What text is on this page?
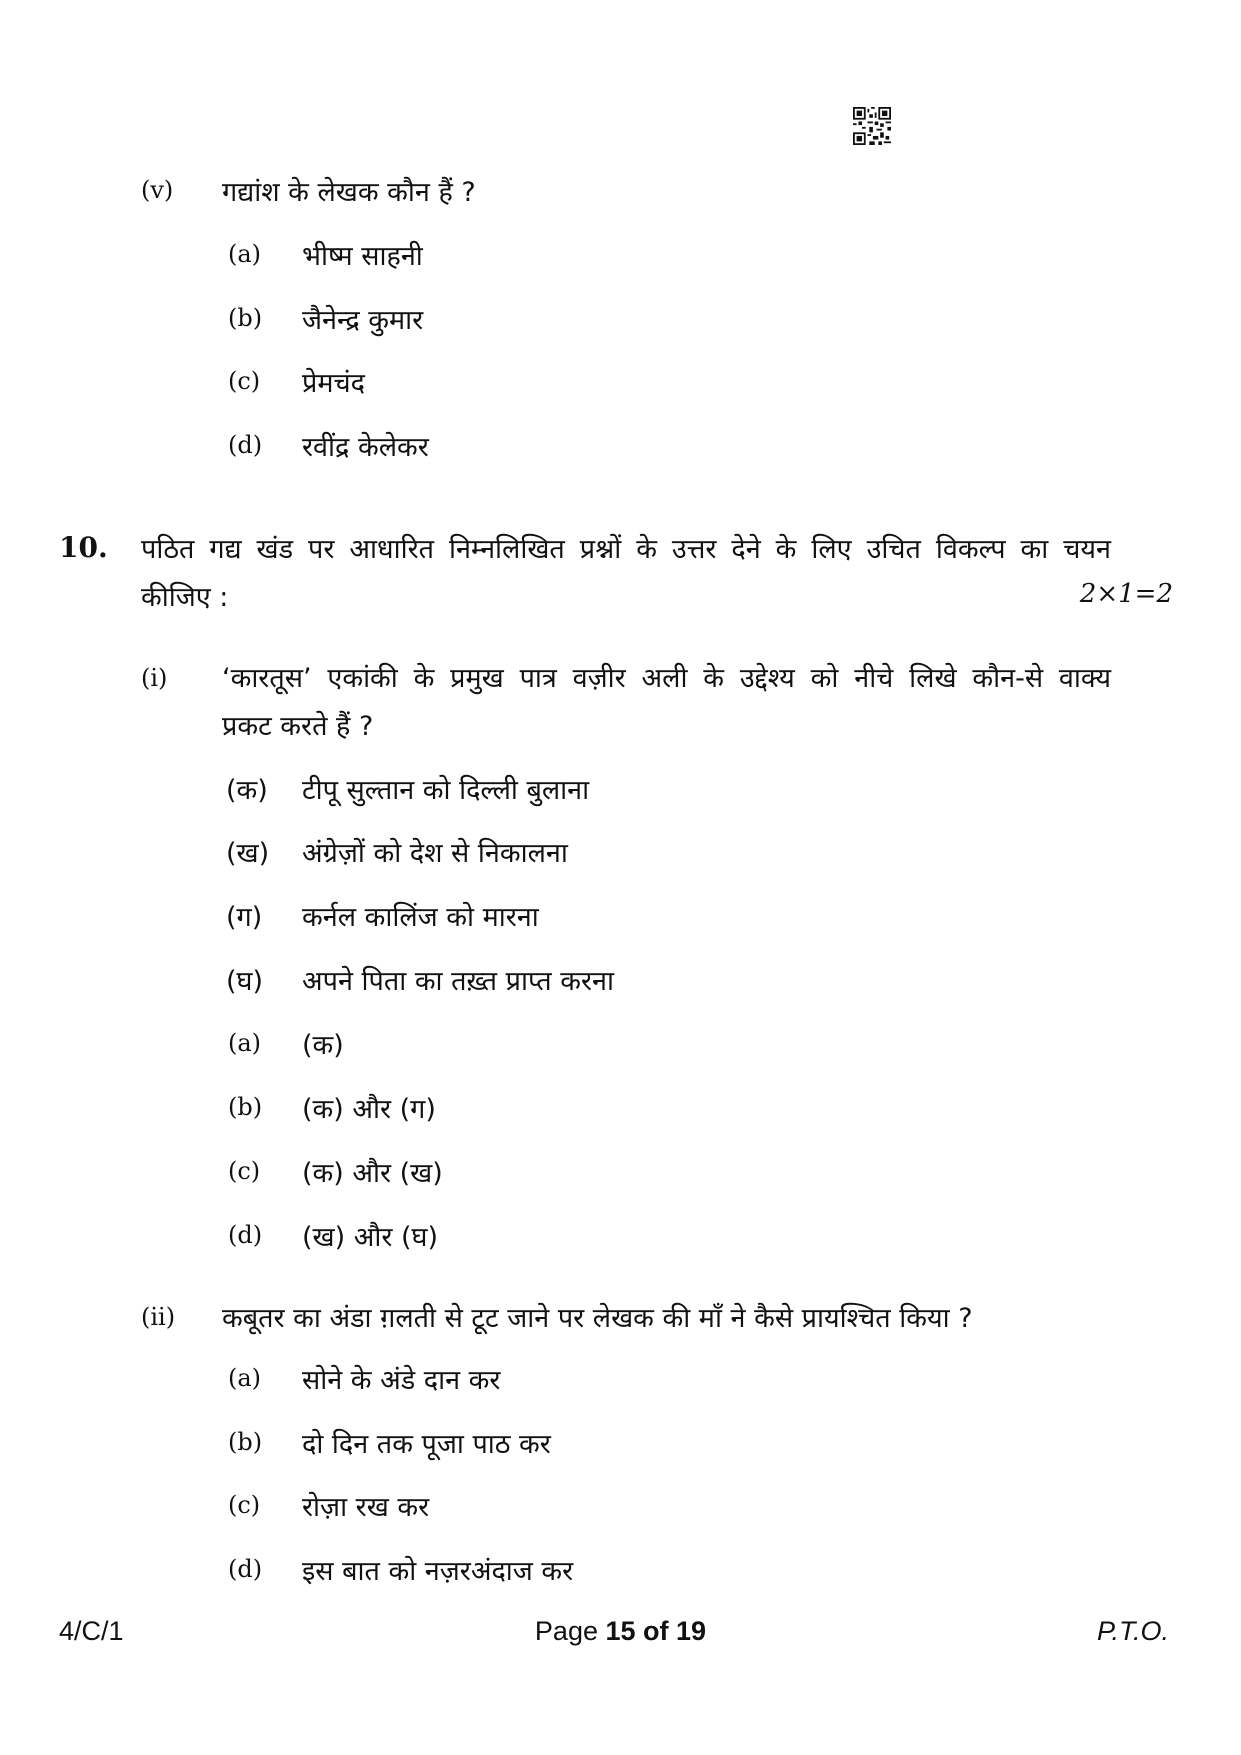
(v) गद्यांश के लेखक कौन हैं ?
(a) भीष्म साहनी
(b) जैनेन्द्र कुमार
(c) प्रेमचंद
(d) रवींद्र केलेकर
10. पठित गद्य खंड पर आधारित निम्नलिखित प्रश्नों के उत्तर देने के लिए उचित विकल्प का चयन
कीजिए :	2×1=2
(i) ‘कारतूस’ एकांकी के प्रमुख पात्र वज़ीर अली के उद्देश्य को नीचे लिखे कौन-से वाक्य
प्रकट करते हैं ?
(क) टीपू सुल्तान को दिल्ली बुलाना
(ख) अंग्रेज़ों को देश से निकालना
(ग) कर्नल कालिंज को मारना
(घ) अपने पिता का तख़्त प्राप्त करना
(a) (क)
(b) (क) और (ग)
(c) (क) और (ख)
(d) (ख) और (घ)
(ii) कबूतर का अंडा ग़लती से टूट जाने पर लेखक की माँ ने कैसे प्रायश्चित किया ?
(a) सोने के अंडे दान कर
(b) दो दिन तक पूजा पाठ कर
(c) रोज़ा रख कर
(d) इस बात को नज़रअंदाज कर
4/C/1	Page 15 of 19	P.T.O.
